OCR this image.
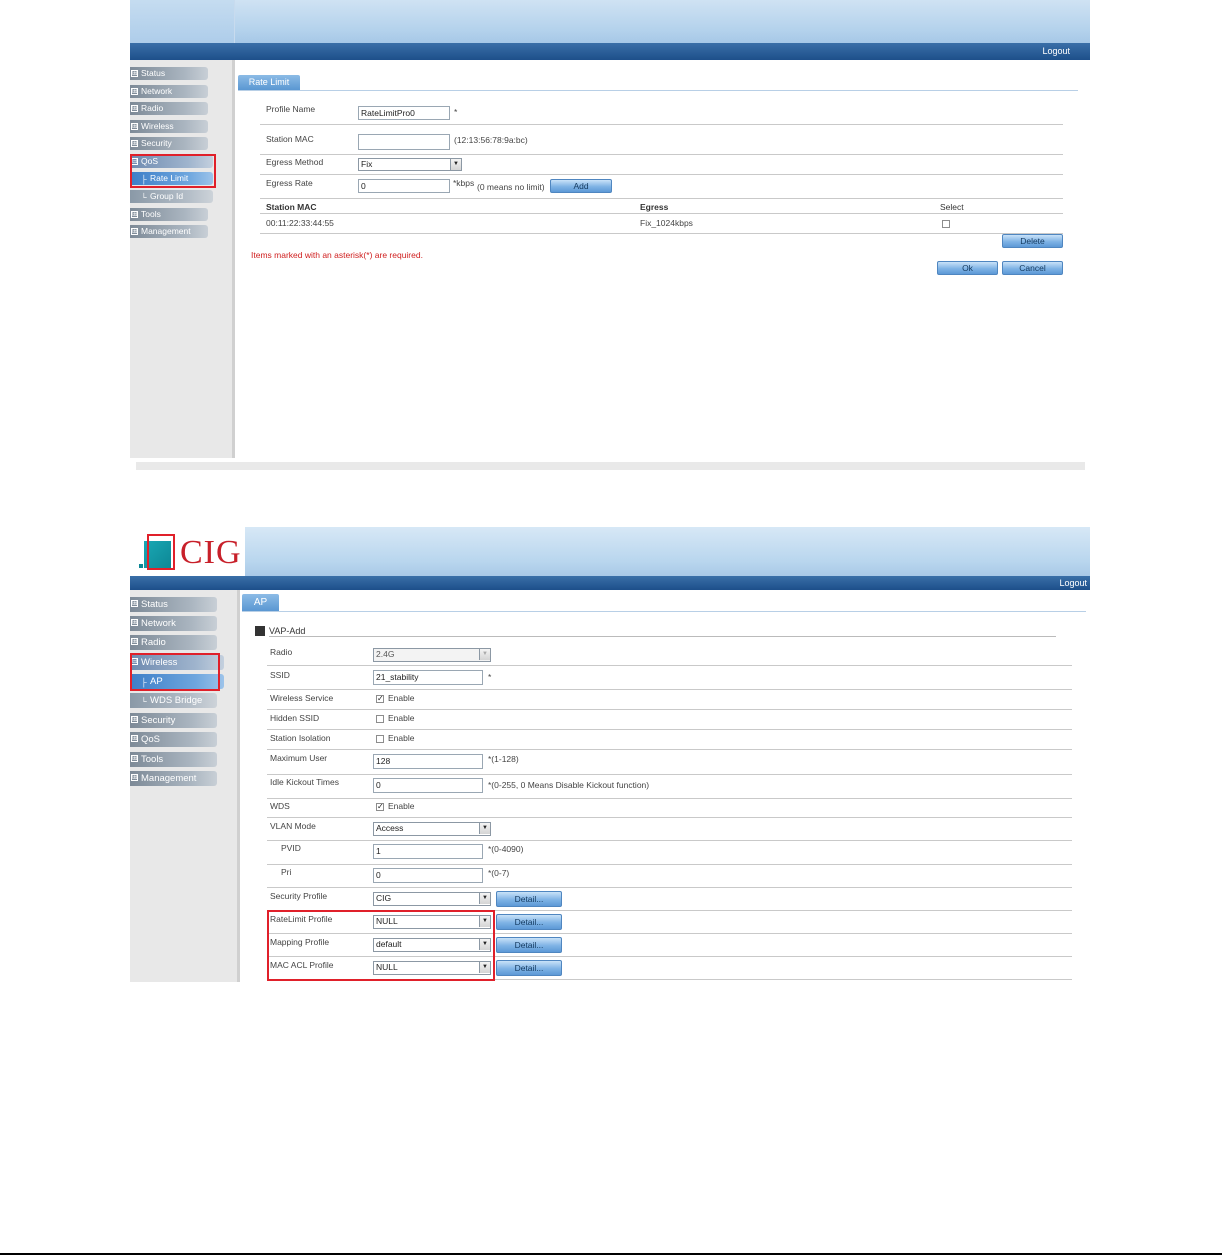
Logout
⊞ Status
⊞ Network
⊞ Radio
⊞ Wireless
⊞ Security
⊟ QoS
├ Rate Limit
└ Group Id
⊞ Tools
⊞ Management
Rate Limit
Profile Name	RateLimitPro0	*
Station MAC	(12:13:56:78:9a:bc)
Egress Method	Fix	▼
Egress Rate	0	*kbps (0 means no limit)	Add
Station MAC	Egress	Select
00:11:22:33:44:55	Fix_1024kbps
Delete
Items marked with an asterisk(*) are required.
Ok	Cancel
CIG
Logout
⊞ Status
⊞ Network
⊞ Radio
⊟ Wireless
├ AP
└ WDS Bridge
⊞ Security
⊞ QoS
⊞ Tools
⊞ Management
AP
VAP-Add
Radio	2.4G	▼
SSID	21_stability	*
Wireless Service	✓ Enable
Hidden SSID	Enable
Station Isolation	Enable
Maximum User	128	*(1-128)
Idle Kickout Times	0	*(0-255, 0 Means Disable Kickout function)
WDS	✓ Enable
VLAN Mode	Access	▼
PVID	1	*(0-4090)
Pri	0	*(0-7)
Security Profile	CIG	▼	Detail...
RateLimit Profile	NULL	▼	Detail...
Mapping Profile	default	▼	Detail...
MAC ACL Profile	NULL	▼	Detail...
